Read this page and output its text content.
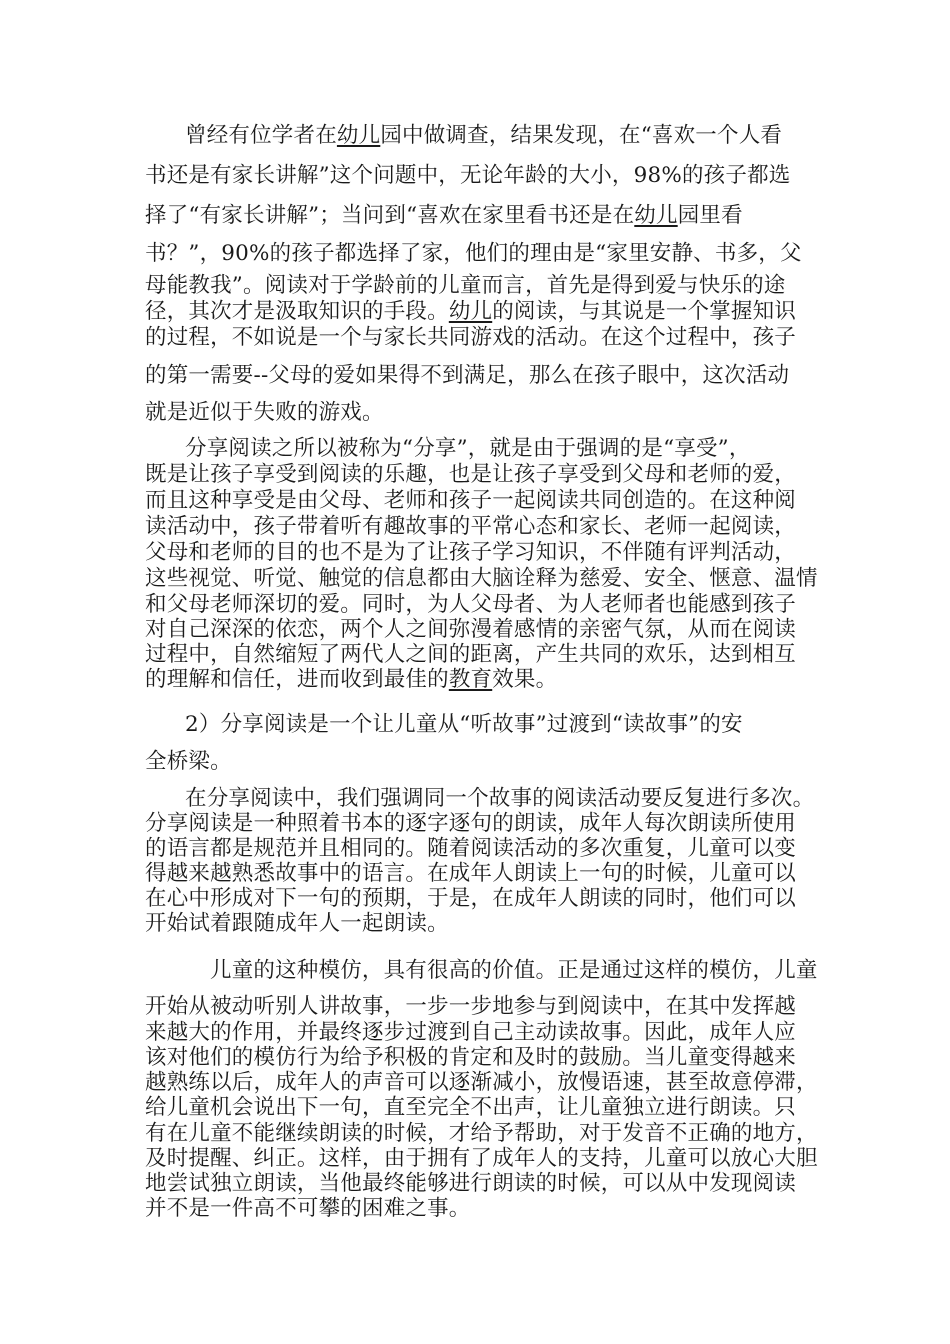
曾经有位学者在幼儿园中做调查，结果发现，在“喜欢一个人看
书还是有家长讲解”这个问题中，无论年龄的大小，98%的孩子都选
择了“有家长讲解”；当问到“喜欢在家里看书还是在幼儿园里看
书？”，90%的孩子都选择了家，他们的理由是“家里安静、书多，父
母能教我”。阅读对于学龄前的儿童而言，首先是得到爱与快乐的途
径，其次才是汲取知识的手段。幼儿的阅读，与其说是一个掌握知识
的过程，不如说是一个与家长共同游戏的活动。在这个过程中，孩子
的第一需要--父母的爱如果得不到满足，那么在孩子眼中，这次活动
就是近似于失败的游戏。
分享阅读之所以被称为“分享”，就是由于强调的是“享受”，
既是让孩子享受到阅读的乐趣，也是让孩子享受到父母和老师的爱，
而且这种享受是由父母、老师和孩子一起阅读共同创造的。在这种阅
读活动中，孩子带着听有趣故事的平常心态和家长、老师一起阅读，
父母和老师的目的也不是为了让孩子学习知识，不伴随有评判活动，
这些视觉、听觉、触觉的信息都由大脑诠释为慈爱、安全、惬意、温情
和父母老师深切的爱。同时，为人父母者、为人老师者也能感到孩子
对自己深深的依恋，两个人之间弥漫着感情的亲密气氛，从而在阅读
过程中，自然缩短了两代人之间的距离，产生共同的欢乐，达到相互
的理解和信任，进而收到最佳的教育效果。
2）分享阅读是一个让儿童从“听故事”过渡到“读故事”的安
全桥梁。
在分享阅读中，我们强调同一个故事的阅读活动要反复进行多次。
分享阅读是一种照着书本的逐字逐句的朗读，成年人每次朗读所使用
的语言都是规范并且相同的。随着阅读活动的多次重复，儿童可以变
得越来越熟悉故事中的语言。在成年人朗读上一句的时候，儿童可以
在心中形成对下一句的预期，于是，在成年人朗读的同时，他们可以
开始试着跟随成年人一起朗读。
儿童的这种模仿，具有很高的价值。正是通过这样的模仿，儿童
开始从被动听别人讲故事，一步一步地参与到阅读中，在其中发挥越
来越大的作用，并最终逐步过渡到自己主动读故事。因此，成年人应
该对他们的模仿行为给予积极的肯定和及时的鼓励。当儿童变得越来
越熟练以后，成年人的声音可以逐渐减小，放慢语速，甚至故意停滞，
给儿童机会说出下一句，直至完全不出声，让儿童独立进行朗读。只
有在儿童不能继续朗读的时候，才给予帮助，对于发音不正确的地方，
及时提醒、纠正。这样，由于拥有了成年人的支持，儿童可以放心大胆
地尝试独立朗读，当他最终能够进行朗读的时候，可以从中发现阅读
并不是一件高不可攀的困难之事。
